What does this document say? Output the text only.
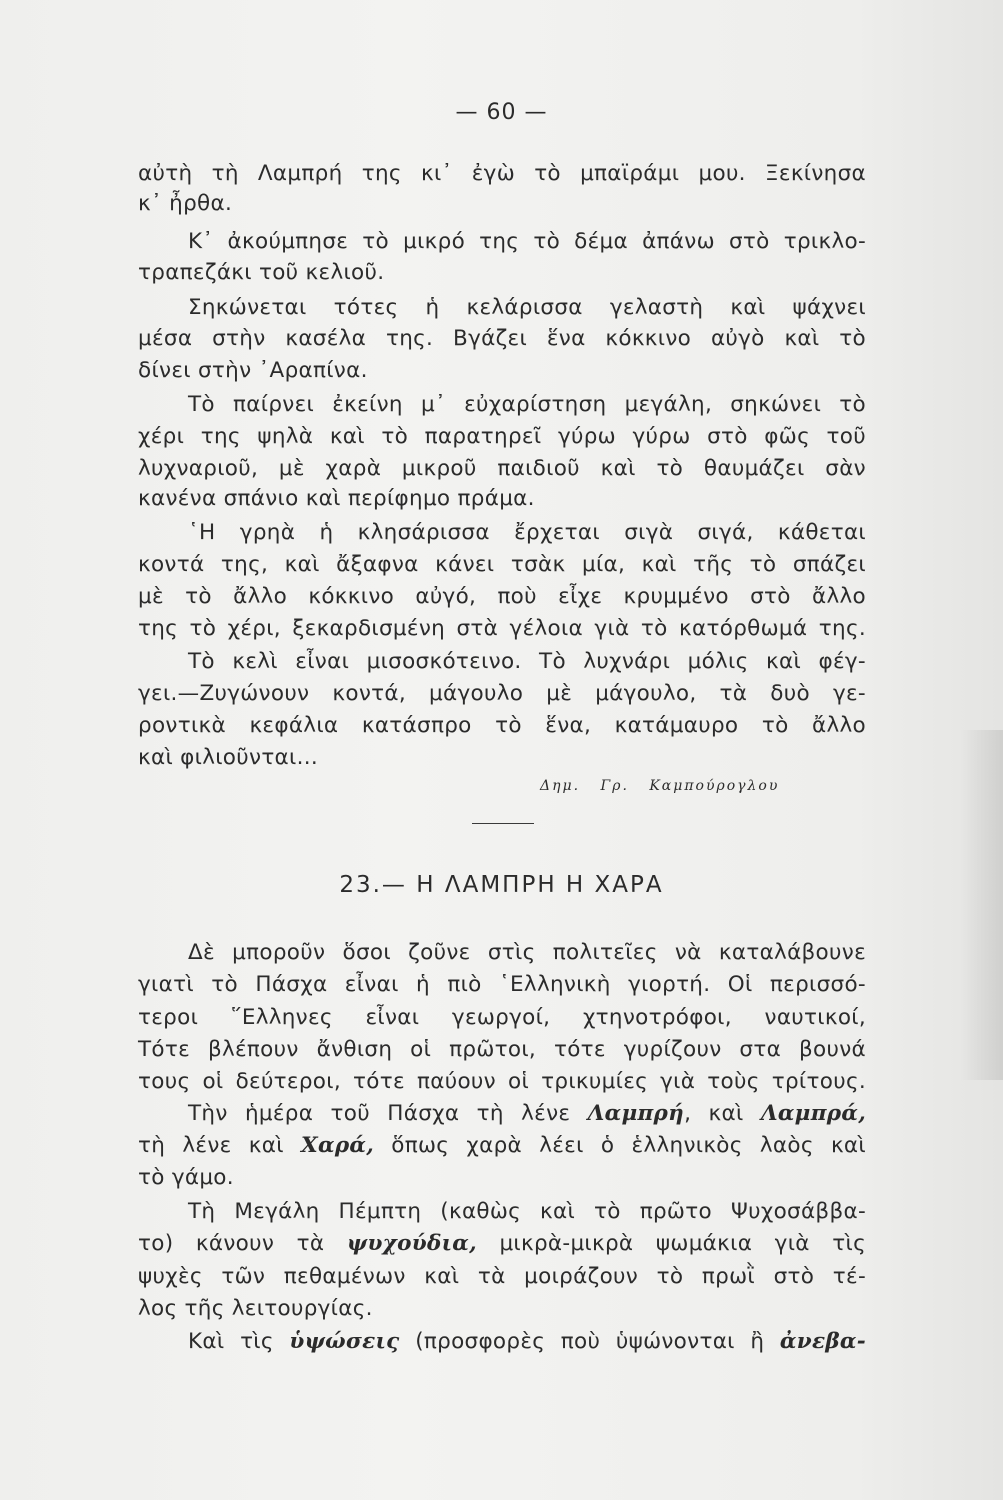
— 60 —
αὐτὴ τὴ Λαμπρή της κι᾽ ἐγὼ τὸ μπαϊράμι μου. Ξεκίνησα
κ᾽ ἦρθα.
Κ᾽ ἀκούμπησε τὸ μικρό της τὸ δέμα ἀπάνω στὸ τρικλο-
τραπεζάκι τοῦ κελιοῦ.
Σηκώνεται τότες ἡ κελάρισσα γελαστὴ καὶ ψάχνει
μέσα στὴν κασέλα της. Βγάζει ἕνα κόκκινο αὐγὸ καὶ τὸ
δίνει στὴν ᾽Αραπίνα.
Τὸ παίρνει ἐκείνη μ᾽ εὐχαρίστηση μεγάλη, σηκώνει τὸ
χέρι της ψηλὰ καὶ τὸ παρατηρεῖ γύρω γύρω στὸ φῶς τοῦ
λυχναριοῦ, μὲ χαρὰ μικροῦ παιδιοῦ καὶ τὸ θαυμάζει σὰν
κανένα σπάνιο καὶ περίφημο πράμα.
῾Η γρηὰ ἡ κλησάρισσα ἔρχεται σιγὰ σιγά, κάθεται
κοντά της, καὶ ἄξαφνα κάνει τσὰκ μία, καὶ τῆς τὸ σπάζει
μὲ τὸ ἄλλο κόκκινο αὐγό, ποὺ εἶχε κρυμμένο στὸ ἄλλο
της τὸ χέρι, ξεκαρδισμένη στὰ γέλοια γιὰ τὸ κατόρθωμά της.
Τὸ κελὶ εἶναι μισοσκότεινο. Τὸ λυχνάρι μόλις καὶ φέγ-
γει.—Ζυγώνουν κοντά, μάγουλο μὲ μάγουλο, τὰ δυὸ γε-
ροντικὰ κεφάλια κατάσπρο τὸ ἕνα, κατάμαυρο τὸ ἄλλο
καὶ φιλιοῦνται...
Δημ. Γρ. Καμπούρογλου
23.— Η ΛΑΜΠΡΗ Η ΧΑΡΑ
Δὲ μποροῦν ὅσοι ζοῦνε στὶς πολιτεῖες νὰ καταλάβουνε
γιατὶ τὸ Πάσχα εἶναι ἡ πιὸ ῾Ελληνικὴ γιορτή. Οἱ περισσό-
τεροι ῞Ελληνες εἶναι γεωργοί, χτηνοτρόφοι, ναυτικοί,
Τότε βλέπουν ἄνθιση οἱ πρῶτοι, τότε γυρίζουν στα βουνά
τους οἱ δεύτεροι, τότε παύουν οἱ τρικυμίες γιὰ τοὺς τρίτους.
Τὴν ἡμέρα τοῦ Πάσχα τὴ λένε Λαμπρή, καὶ Λαμπρά,
τὴ λένε καὶ Χαρά, ὅπως χαρὰ λέει ὁ ἑλληνικὸς λαὸς καὶ
τὸ γάμο.
Τὴ Μεγάλη Πέμπτη (καθὼς καὶ τὸ πρῶτο Ψυχοσάββα-
το) κάνουν τὰ ψυχούδια, μικρὰ-μικρὰ ψωμάκια γιὰ τὶς
ψυχὲς τῶν πεθαμένων καὶ τὰ μοιράζουν τὸ πρωῒ στὸ τέ-
λος τῆς λειτουργίας.
Καὶ τὶς ὑψώσεις (προσφορὲς ποὺ ὑψώνονται ἢ ἀνεβα-
